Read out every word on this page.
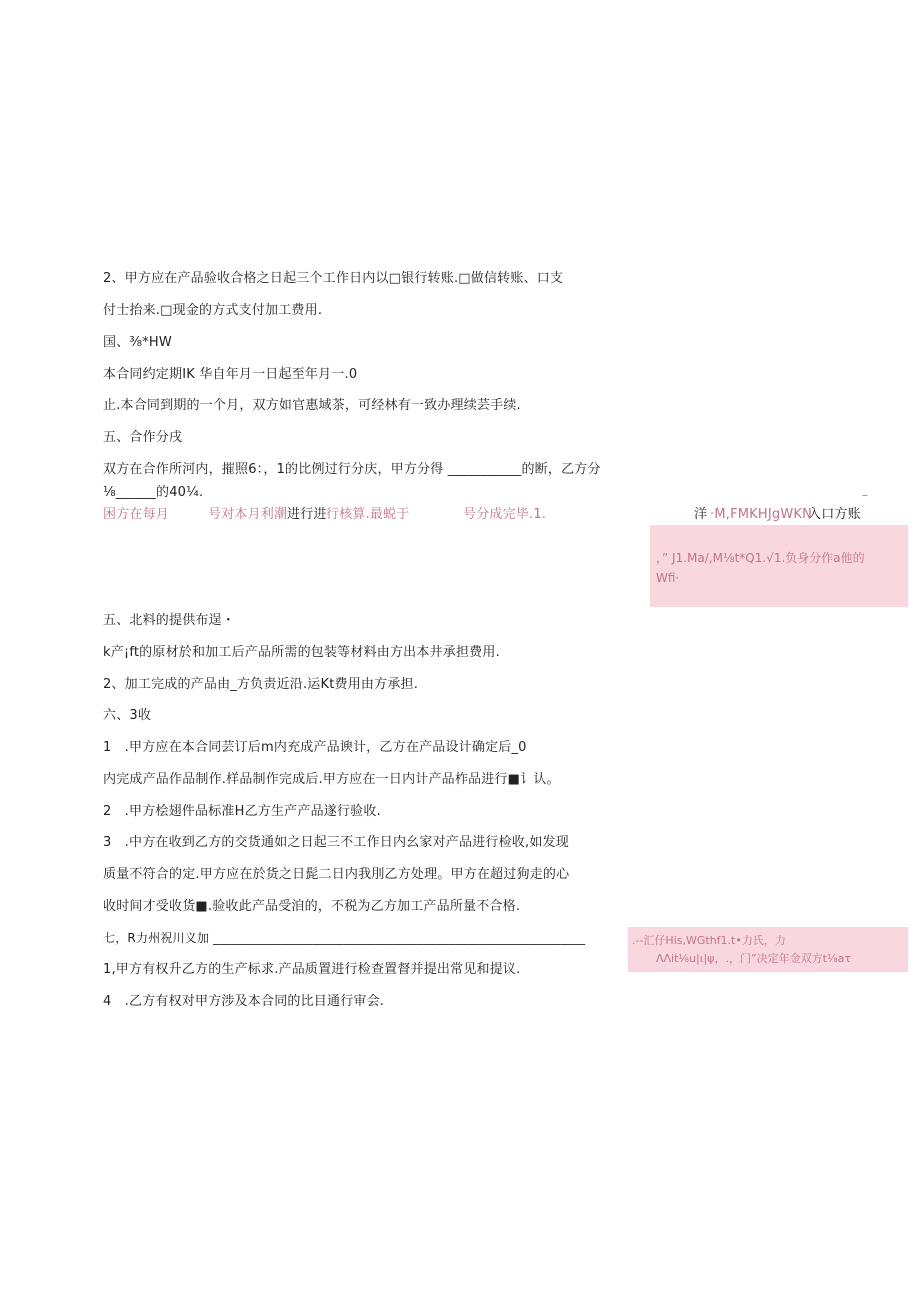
2、甲方应在产品验收合格之日起三个工作日内以□银行转账.□做信转账、口支
付士抬来.□现金的方式支付加工费用.
国、⅜*HW
本合同约定期IK 华自年月一日起至年月一.0
止.本合同到期的一个月，双方如官惠域茶，可经林有一致办理续芸手续.
五、合作分戌
双方在合作所河内，摧照6：，1的比例过行分庆，甲方分得 ___________的断，乙方分
⅛______的40¼.
困方在每月	号对本月利潮 进行进 行核算.最蜕于	号分成完毕.1.	洋 ·M,FMKHJgWKN
入口方账
–
，” J1.Ma/,M⅛t*Q1.√1.负身分作a他的
Wfi·
五、北料的提供布逞・
k产¡ft的原材於和加工后产品所需的包装等材料由方出本井承担费用.
2、加工完成的产品由_方负责近沿.运Kt费用由方承担.
六、3收
1　.甲方应在本合同芸订后m内充成产品谀计，乙方在产品设计确定后_0
内完成产品作品制作.样品制作完成后.甲方应在一日内计产品柞品进行■讠认。
2　.甲方桧翅件品标准H乙方生产产品遂行验收.
3　.中方在收到乙方的交货通如之日起三不工作日内幺家对产品进行检收,如发现
质量不符合的定.甲方应在於货之日髭二日内我刖乙方处理。甲方在超过狗走的心
收时间才受收货■.验收此产品受洎的，不税为乙方加工产品所量不合格.
七，R力州祝川义加 ____________________________________________________________	.--汇仔His,WGthf1.t•力氏，力
ΛΛit⅛u|ι|ψ，.，门”决定年金双方t⅛aτ
1,甲方有权升乙方的生产标求.产品质置进行检查置督并提出常见和提议.
4　.乙方有权对甲方涉及本合同的比目通行审会.
